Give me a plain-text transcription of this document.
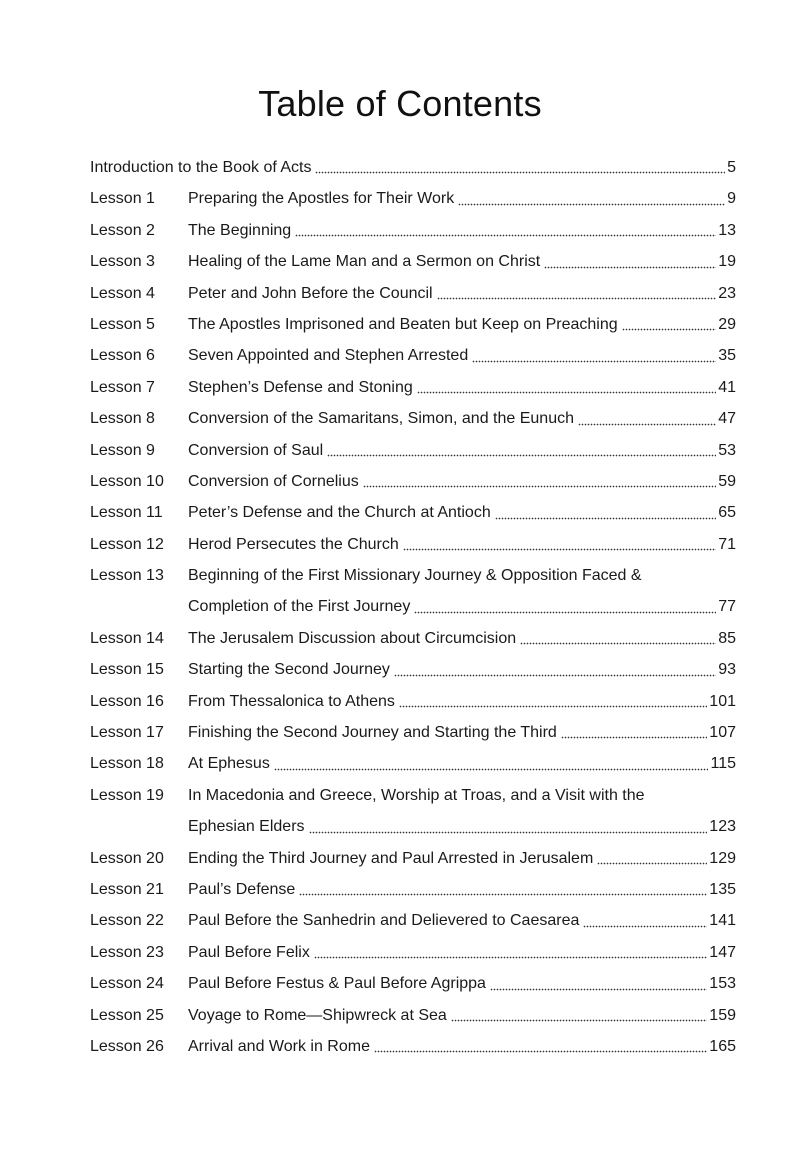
Table of Contents
Introduction to the Book of Acts	5
Lesson 1	Preparing the Apostles for Their Work	9
Lesson 2	The Beginning	13
Lesson 3	Healing of the Lame Man and a Sermon on Christ	19
Lesson 4	Peter and John Before the Council	23
Lesson 5	The Apostles Imprisoned and Beaten but Keep on Preaching	29
Lesson 6	Seven Appointed and Stephen Arrested	35
Lesson 7	Stephen’s Defense and Stoning	41
Lesson 8	Conversion of the Samaritans, Simon, and the Eunuch	47
Lesson 9	Conversion of Saul	53
Lesson 10	Conversion of Cornelius	59
Lesson 11	Peter’s Defense and the Church at Antioch	65
Lesson 12	Herod Persecutes the Church	71
Lesson 13	Beginning of the First Missionary Journey & Opposition Faced &
Completion of the First Journey	77
Lesson 14	The Jerusalem Discussion about Circumcision	85
Lesson 15	Starting the Second Journey	93
Lesson 16	From Thessalonica to Athens	101
Lesson 17	Finishing the Second Journey and Starting the Third	107
Lesson 18	At Ephesus	115
Lesson 19	In Macedonia and Greece, Worship at Troas, and a Visit with the
Ephesian Elders	123
Lesson 20	Ending the Third Journey and Paul Arrested in Jerusalem	129
Lesson 21	Paul’s Defense	135
Lesson 22	Paul Before the Sanhedrin and Delievered to Caesarea	141
Lesson 23	Paul Before Felix	147
Lesson 24	Paul Before Festus & Paul Before Agrippa	153
Lesson 25	Voyage to Rome—Shipwreck at Sea	159
Lesson 26	Arrival and Work in Rome	165
